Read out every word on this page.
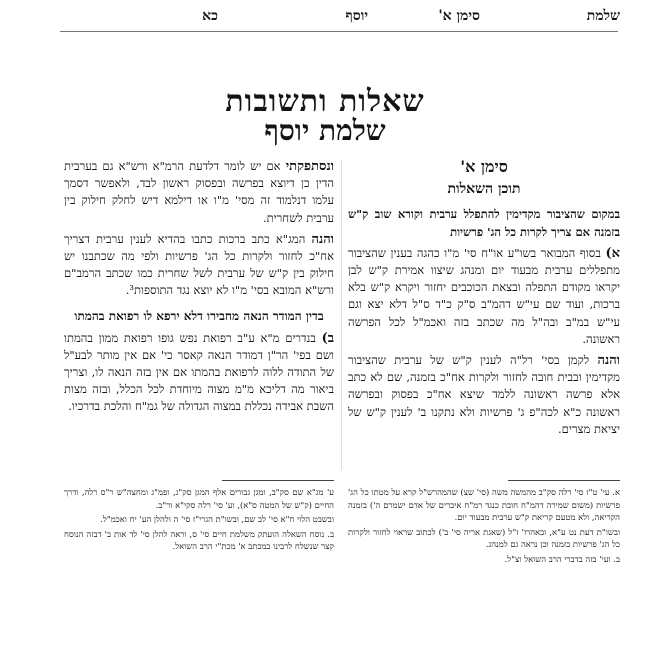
שלמת
סימן א'
יוסף
כא
שאלות ותשובות
שלמת יוסף
סימן א'
תוכן השאלות
במקום שהציבור מקדימין להתפלל ערבית וקורא שוב ק"ש בזמנה אם צריך לקרות כל הג' פרשיות
א) בסוף המבואר בשו"ע או"ח סי' מ"ו כהגה בענין שהציבור מתפללים ערבית מבעוד יום ומנהג שיצוו אמירת ק"ש לבן יקראו מקודם התפלה ובצאת הכוכבים יחזור ויקרא ק"ש בלא ברכות, ועוד שם עי"ש דהמ"ב ס"ק כ"ד ס"ל דלא יצא וגם עי"ש במ"ב ובה"ל מה שכתב בזה ואכמ"ל לכל הפרשה ראשונה.
והנה לקמן בסי' רל"ה לענין ק"ש של ערבית שהציבור מקדימין ובבית חובה לחזור ולקרות אח"כ בזמנה, שם לא כתב אלא פרשה ראשונה ללמד שיצא אח"כ בפסוק ובפרשה ראשונה כ"א לכה"פ ג' פרשיות ולא נתקנו ב' לענין ק"ש של יציאת מצרים.
ונסתפקתי אם יש לומר דלדעת הרמ"א ורש"א גם בערבית הדין כן דיוצא בפרשה ובפסוק ראשון לבד, ולאפשר דסמך עלמו דנלמוד זה מסי' מ"ו או דילמא דיש לחלק חילוק בין ערבית לשחרית.
והנה המג"א כתב ברכות כתבו בהדיא לענין ערבית דצריך אח"כ לחזור ולקרות כל הג' פרשיות ולפי מה שכתבנו יש חילוק בין ק"ש של ערבית לשל שחרית כמו שכתב הרמב"ם ורש"א המובא בסי' מ"ו לא יוצא נגד התוספות³.
בדין המודר הנאה מחבירו דלא ירפא לו רפואת בהמתו
ב) בנדרים מ"א ע"ב רפואת נפש גופו רפואת ממון בהמתו ושם בפי' הר"ן דמודר הנאה קאסר כי' אם אין מותר לבע"ל של התודה ללוה לרפואת בהמתו אם אין בזה הנאה לו, וצריך ביאור מה דליכא מ"מ מצוה מיוחדת לכל הכלל, ובזה מצות השבת אבידה נכללת במצוה הגדולה של גמ"ח והלכת בדרכיו.
א. עי' ט"ז סי' רלה סק"ב מהמשה משה (סי' שצ) שהמהרש"ל קרא על מטתו כל הג' פרשיות (משום שמירה דהמ"ח חובת כנגד רמ"ח איברים של אדם ישמרם ה') בזמנה הקריאה, ולא מטעם קריאת ק"ש ערבית מבעוד יום.
ובשו"ת דעת נט ע"א, ובאהרו' ז"ל (שאגת אריה סי' ב') לכתוב שראוי לחזור ולקרות כל הג' פרשיות בזמנה וכן נראה גם למנהג.
ב. ועי' בזה בדברי הרב השואל וצ"ל.
ע' מג"א שם סק"ב, ומגן גבורים אלף המגן סק"ג, ופמ"ג ומחצה"ש ר"ס רלה, ודרך החיים (ק"ש של המטה ס"א), וע' סי' רלה סקי"א ור"ב.
ובשבט הלוי ח"א סי' לב שם, ובשו"ת הגרי"ז סי' ה ולהלן הע' יח ואכמ"ל.
ב. נוסח השאלה הועתק משלמת חיים סי' ס, וראה להלן סי' לד אות ב' דבזה הנוסח קצר שנשלח לרבינו במכתב א' מכת"י הרב השואל.
